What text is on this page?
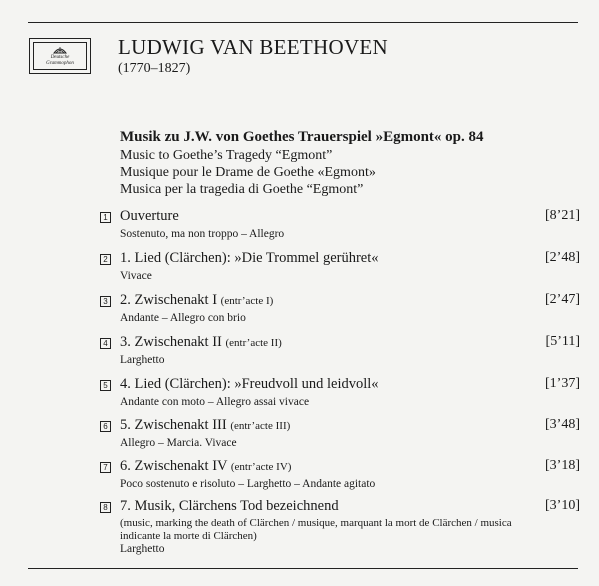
Deutsche
Grammophon
LUDWIG VAN BEETHOVEN
(1770–1827)

Musik zu J.W. von Goethes Trauerspiel »Egmont« op. 84

Music to Goethe’s Tragedy “Egmont”

Musique pour le Drame de Goethe «Egmont»

Musica per la tragedia di Goethe “Egmont”

1 Ouverture	[8’21]
Sostenuto, ma non troppo – Allegro
2 1. Lied (Clärchen): »Die Trommel gerühret«	[2’48]
Vivace
3 2. Zwischenakt I (entr’acte I)	[2’47]
Andante – Allegro con brio
4 3. Zwischenakt II (entr’acte II)	[5’11]
Larghetto
5 4. Lied (Clärchen): »Freudvoll und leidvoll«	[1’37]
Andante con moto – Allegro assai vivace
6 5. Zwischenakt III (entr’acte III)	[3’48]
Allegro – Marcia. Vivace
7 6. Zwischenakt IV (entr’acte IV)	[3’18]
Poco sostenuto e risoluto – Larghetto – Andante agitato
8 7. Musik, Clärchens Tod bezeichnend	[3’10]
(music, marking the death of Clärchen / musique, marquant la mort de Clärchen / musica indicante la morte di Clärchen)
Larghetto
